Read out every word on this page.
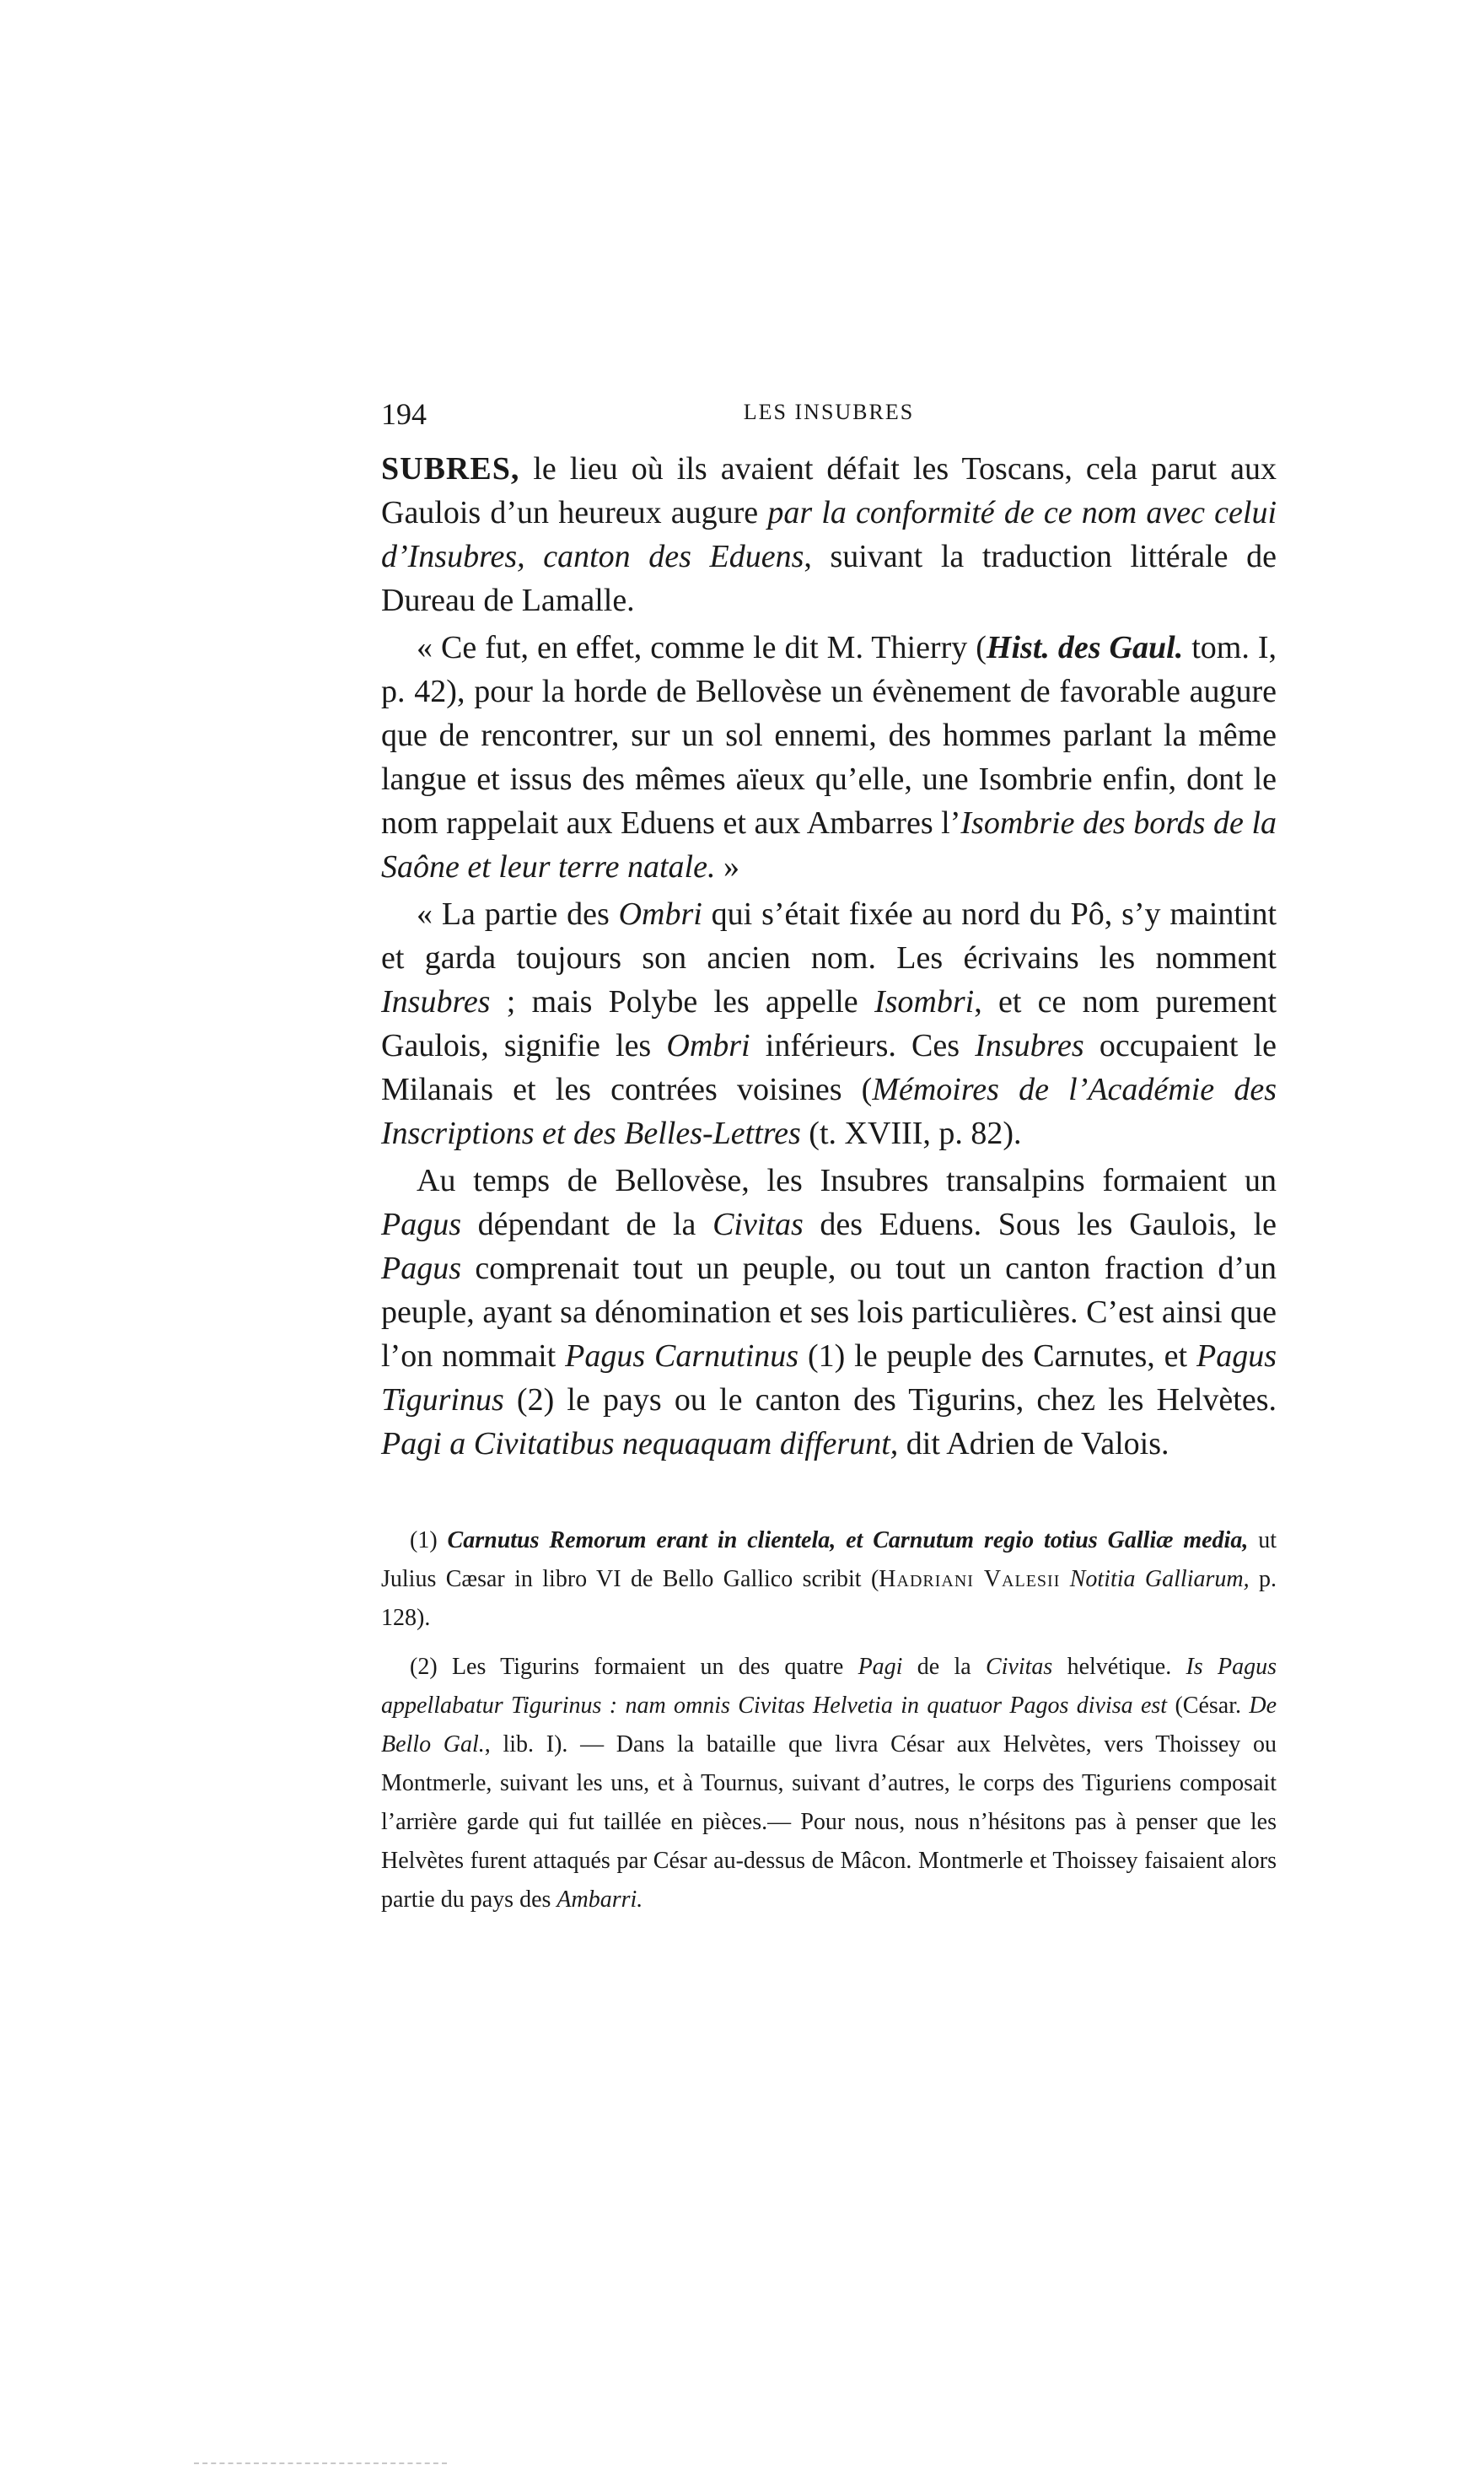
194	LES INSUBRES

SUBRES, le lieu où ils avaient défait les Toscans, cela parut aux Gaulois d’un heureux augure par la conformité de ce nom avec celui d’Insubres, canton des Eduens, suivant la traduction littérale de Dureau de Lamalle.

« Ce fut, en effet, comme le dit M. Thierry (Hist. des Gaul. tom. I, p. 42), pour la horde de Bellovèse un évènement de favorable augure que de rencontrer, sur un sol ennemi, des hommes parlant la même langue et issus des mêmes aïeux qu’elle, une Isombrie enfin, dont le nom rappelait aux Eduens et aux Ambarres l’Isombrie des bords de la Saône et leur terre natale. »

« La partie des Ombri qui s’était fixée au nord du Pô, s’y maintint et garda toujours son ancien nom. Les écrivains les nomment Insubres ; mais Polybe les appelle Isombri, et ce nom purement Gaulois, signifie les Ombri inférieurs. Ces Insubres occupaient le Milanais et les contrées voisines (Mémoires de l’Académie des Inscriptions et des Belles-Lettres (t. XVIII, p. 82).

Au temps de Bellovèse, les Insubres transalpins formaient un Pagus dépendant de la Civitas des Eduens. Sous les Gaulois, le Pagus comprenait tout un peuple, ou tout un canton fraction d’un peuple, ayant sa dénomination et ses lois particulières. C’est ainsi que l’on nommait Pagus Carnutinus (1) le peuple des Carnutes, et Pagus Tigurinus (2) le pays ou le canton des Tigurins, chez les Helvètes. Pagi a Civitatibus nequaquam differunt, dit Adrien de Valois.

(1) Carnutus Remorum erant in clientela, et Carnutum regio totius Galliæ media, ut Julius Cæsar in libro VI de Bello Gallico scribit (Hadriani Valesii Notitia Galliarum, p. 128).

(2) Les Tigurins formaient un des quatre Pagi de la Civitas helvétique. Is Pagus appellabatur Tigurinus : nam omnis Civitas Helvetia in quatuor Pagos divisa est (César. De Bello Gal., lib. I). — Dans la bataille que livra César aux Helvètes, vers Thoissey ou Montmerle, suivant les uns, et à Tournus, suivant d’autres, le corps des Tiguriens composait l’arrière garde qui fut taillée en pièces.— Pour nous, nous n’hésitons pas à penser que les Helvètes furent attaqués par César au-dessus de Mâcon. Montmerle et Thoissey faisaient alors partie du pays des Ambarri.
